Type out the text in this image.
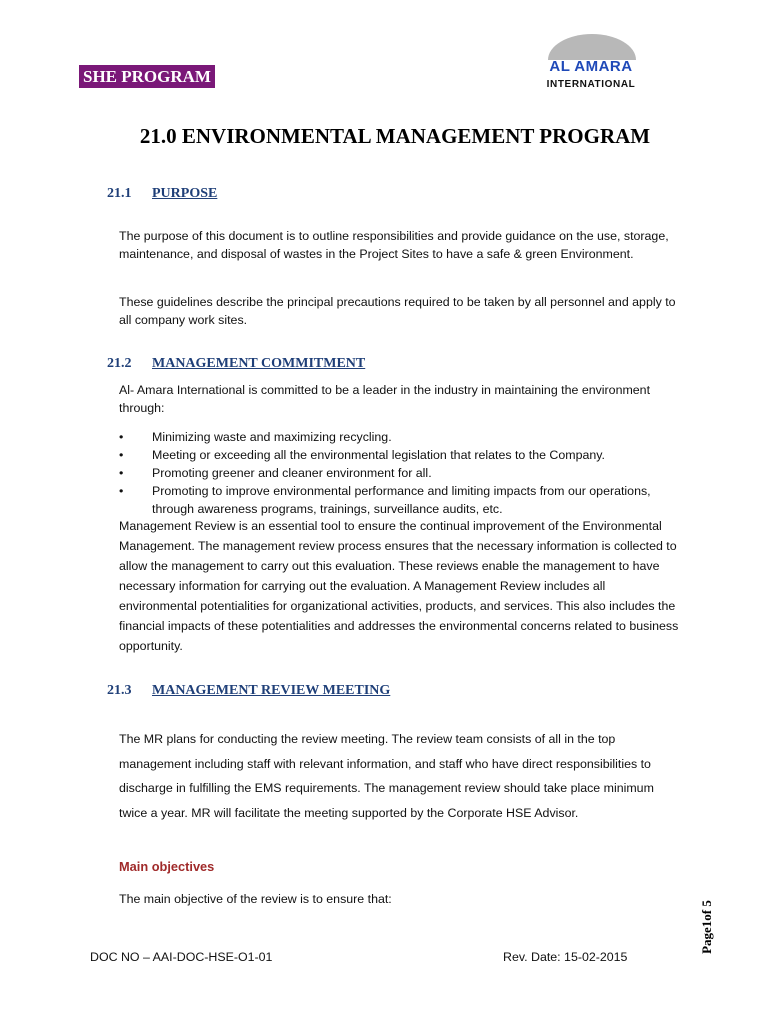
SHE PROGRAM
AL AMARA
INTERNATIONAL
21.0 ENVIRONMENTAL MANAGEMENT PROGRAM
21.1 PURPOSE
The purpose of this document is to outline responsibilities and provide guidance on the use, storage, maintenance, and disposal of wastes in the Project Sites to have a safe & green Environment.
These guidelines describe the principal precautions required to be taken by all personnel and apply to all company work sites.
21.2 MANAGEMENT COMMITMENT
Al- Amara International is committed to be a leader in the industry in maintaining the environment through:
• Minimizing waste and maximizing recycling.
• Meeting or exceeding all the environmental legislation that relates to the Company.
• Promoting greener and cleaner environment for all.
• Promoting to improve environmental performance and limiting impacts from our operations, through awareness programs, trainings, surveillance audits, etc.
Management Review is an essential tool to ensure the continual improvement of the Environmental Management. The management review process ensures that the necessary information is collected to allow the management to carry out this evaluation. These reviews enable the management to have necessary information for carrying out the evaluation. A Management Review includes all environmental potentialities for organizational activities, products, and services. This also includes the financial impacts of these potentialities and addresses the environmental concerns related to business opportunity.
21.3 MANAGEMENT REVIEW MEETING
The MR plans for conducting the review meeting. The review team consists of all in the top management including staff with relevant information, and staff who have direct responsibilities to discharge in fulfilling the EMS requirements. The management review should take place minimum twice a year. MR will facilitate the meeting supported by the Corporate HSE Advisor.
Main objectives
The main objective of the review is to ensure that:
DOC NO – AAI-DOC-HSE-O1-01	Rev. Date: 15-02-2015
Page1of 5
